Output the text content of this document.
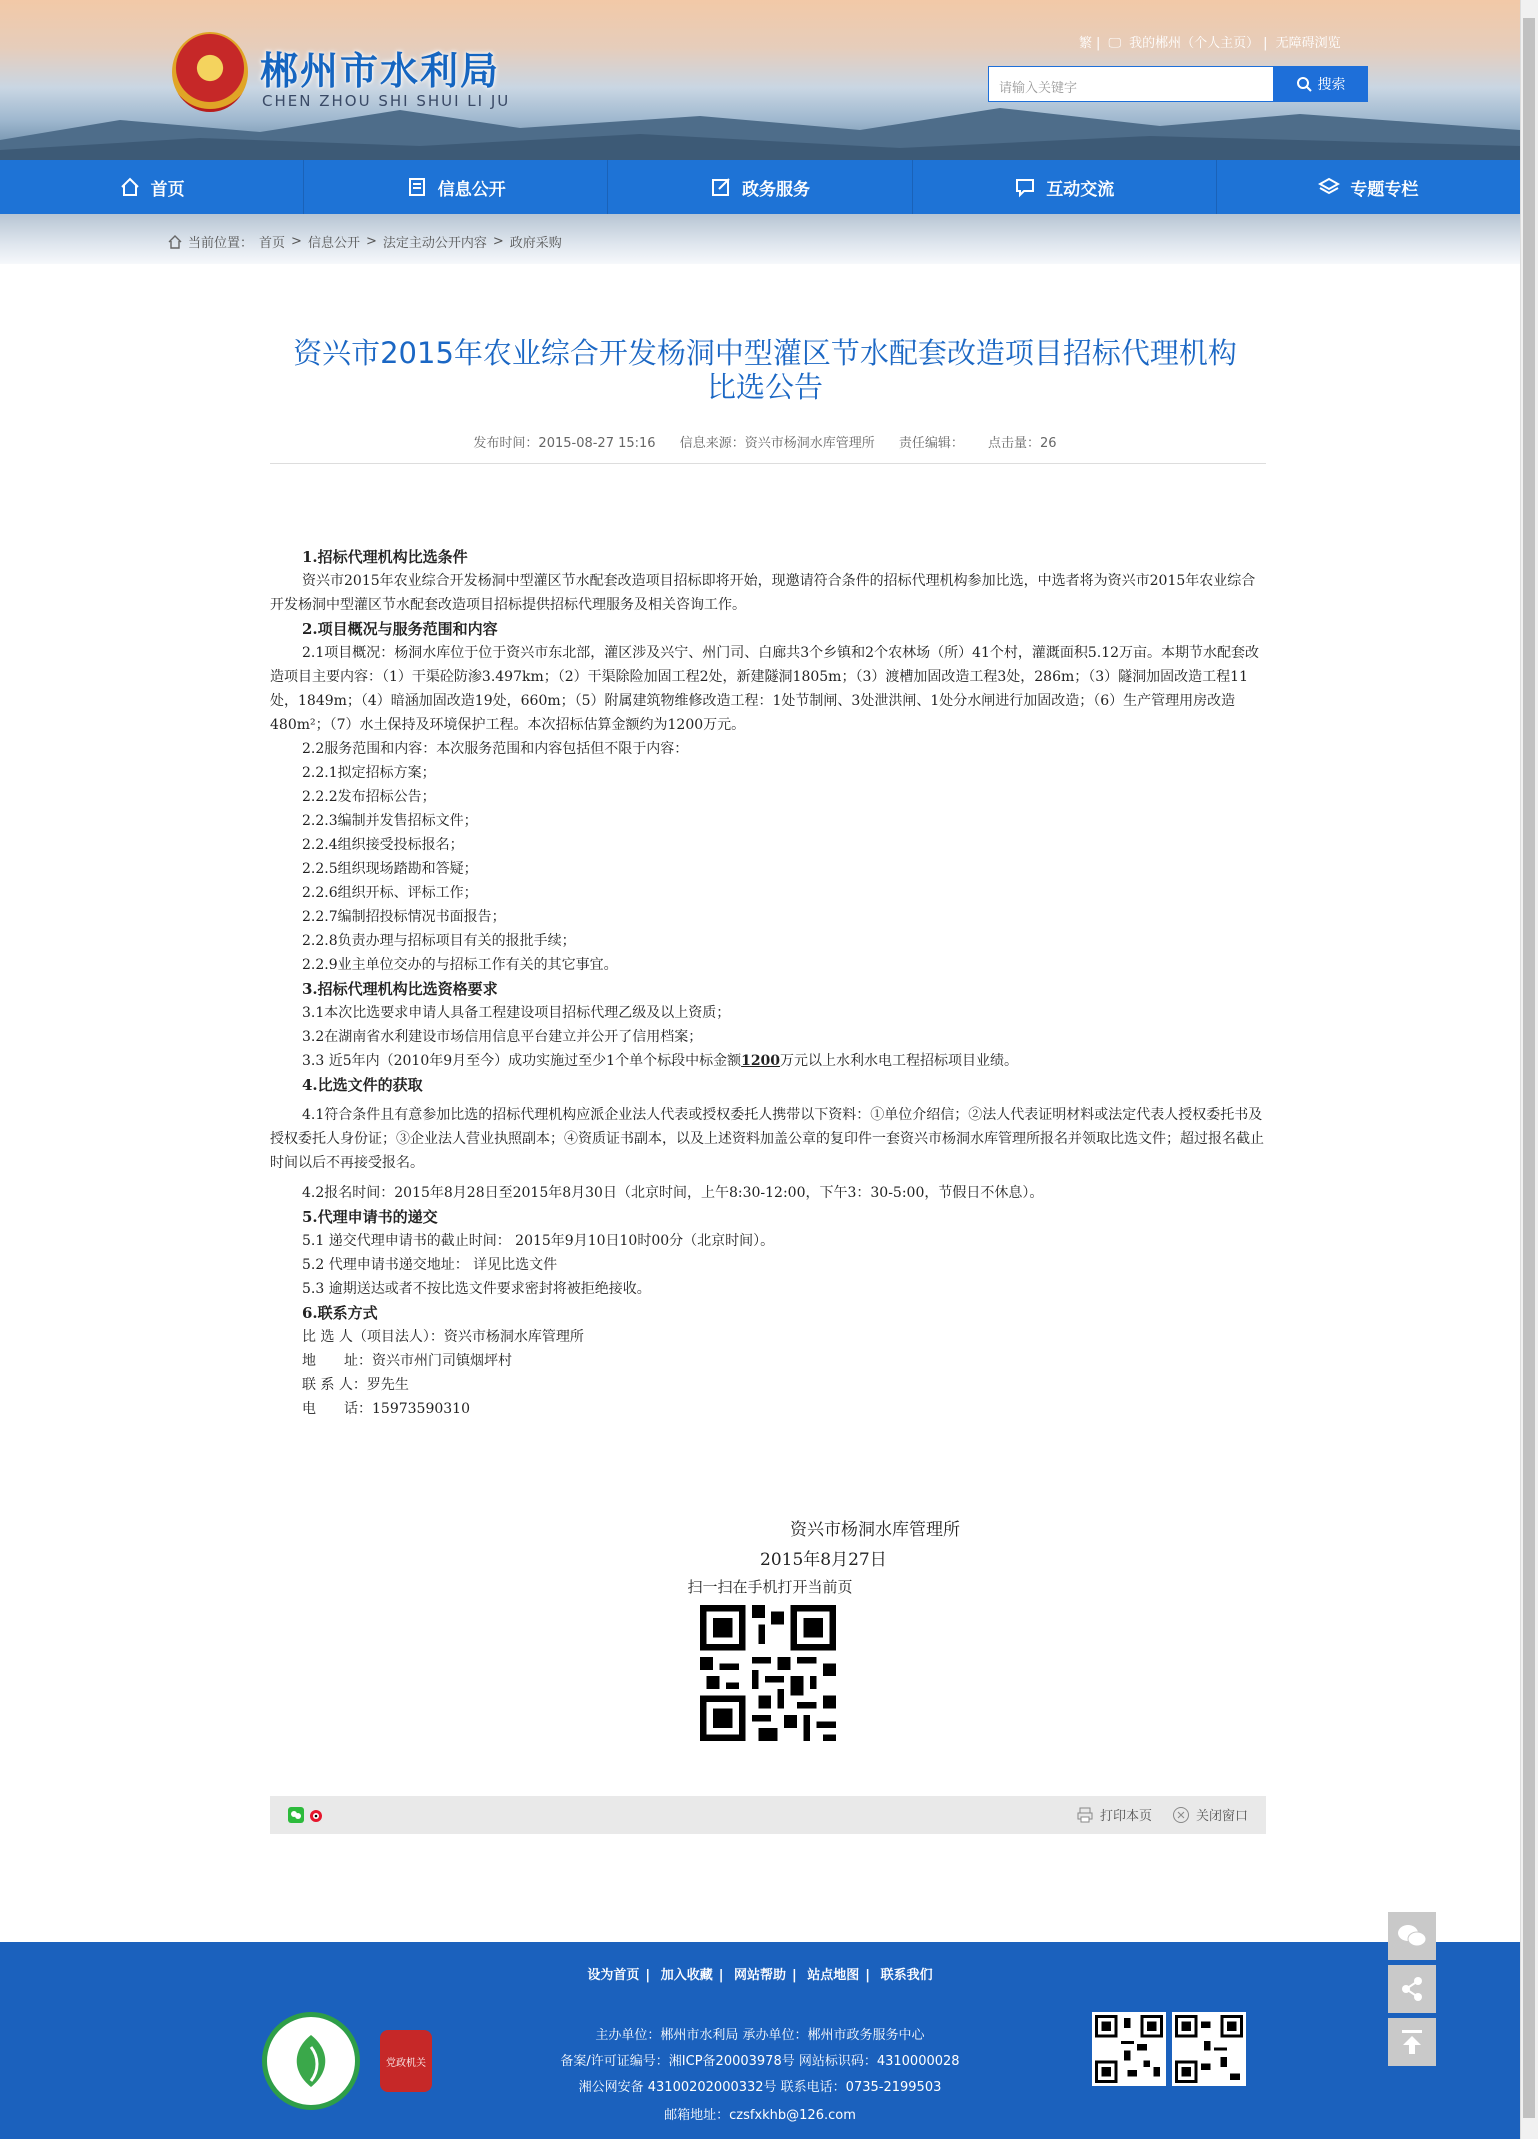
郴州市水利局
CHEN ZHOU SHI SHUI LI JU
繁 | 🖵 我的郴州（个人主页） | 无障碍浏览
请输入关键字	搜索
首页	信息公开	政务服务	互动交流	专题专栏
当前位置： 首页 > 信息公开 > 法定主动公开内容 > 政府采购
资兴市2015年农业综合开发杨洞中型灌区节水配套改造项目招标代理机构
比选公告
发布时间：2015-08-27 15:16 信息来源：资兴市杨洞水库管理所 责任编辑： 点击量：26

1.招标代理机构比选条件

资兴市2015年农业综合开发杨洞中型灌区节水配套改造项目招标即将开始，现邀请符合条件的招标代理机构参加比选，中选者将为资兴市2015年农业综合开发杨洞中型灌区节水配套改造项目招标提供招标代理服务及相关咨询工作。

2.项目概况与服务范围和内容

2.1项目概况：杨洞水库位于位于资兴市东北部，灌区涉及兴宁、州门司、白廊共3个乡镇和2个农林场（所）41个村，灌溉面积5.12万亩。本期节水配套改造项目主要内容：（1）干渠砼防渗3.497km；（2）干渠除险加固工程2处，新建隧洞1805m；（3）渡槽加固改造工程3处，286m；（3）隧洞加固改造工程11处，1849m；（4）暗涵加固改造19处，660m；（5）附属建筑物维修改造工程：1处节制闸、3处泄洪闸、1处分水闸进行加固改造；（6）生产管理用房改造480m²；（7）水土保持及环境保护工程。本次招标估算金额约为1200万元。

2.2服务范围和内容：本次服务范围和内容包括但不限于内容：

2.2.1拟定招标方案；

2.2.2发布招标公告；

2.2.3编制并发售招标文件；

2.2.4组织接受投标报名；

2.2.5组织现场踏勘和答疑；

2.2.6组织开标、评标工作；

2.2.7编制招投标情况书面报告；

2.2.8负责办理与招标项目有关的报批手续；

2.2.9业主单位交办的与招标工作有关的其它事宜。

3.招标代理机构比选资格要求

3.1本次比选要求申请人具备工程建设项目招标代理乙级及以上资质；

3.2在湖南省水利建设市场信用信息平台建立并公开了信用档案；

3.3 近5年内（2010年9月至今）成功实施过至少1个单个标段中标金额1200万元以上水利水电工程招标项目业绩。

4.比选文件的获取

4.1符合条件且有意参加比选的招标代理机构应派企业法人代表或授权委托人携带以下资料：①单位介绍信；②法人代表证明材料或法定代表人授权委托书及授权委托人身份证；③企业法人营业执照副本；④资质证书副本，以及上述资料加盖公章的复印件一套资兴市杨洞水库管理所报名并领取比选文件；超过报名截止时间以后不再接受报名。

4.2报名时间：2015年8月28日至2015年8月30日（北京时间，上午8:30-12:00，下午3：30-5:00，节假日不休息）。

5.代理申请书的递交

5.1 递交代理申请书的截止时间： 2015年9月10日10时00分（北京时间）。

5.2 代理申请书递交地址： 详见比选文件

5.3 逾期送达或者不按比选文件要求密封将被拒绝接收。

6.联系方式

比 选 人（项目法人）：资兴市杨洞水库管理所

地　　址：资兴市州门司镇烟坪村

联 系 人：罗先生

电　　话：15973590310

资兴市杨洞水库管理所
2015年8月27日
扫一扫在手机打开当前页
打印本页	关闭窗口
设为首页 | 加入收藏 | 网站帮助 | 站点地图 | 联系我们
主办单位：郴州市水利局 承办单位：郴州市政务服务中心
备案/许可证编号：湘ICP备20003978号 网站标识码：4310000028
湘公网安备 43100202000332号 联系电话：0735-2199503
邮箱地址：czsfxkhb@126.com
党政机关
